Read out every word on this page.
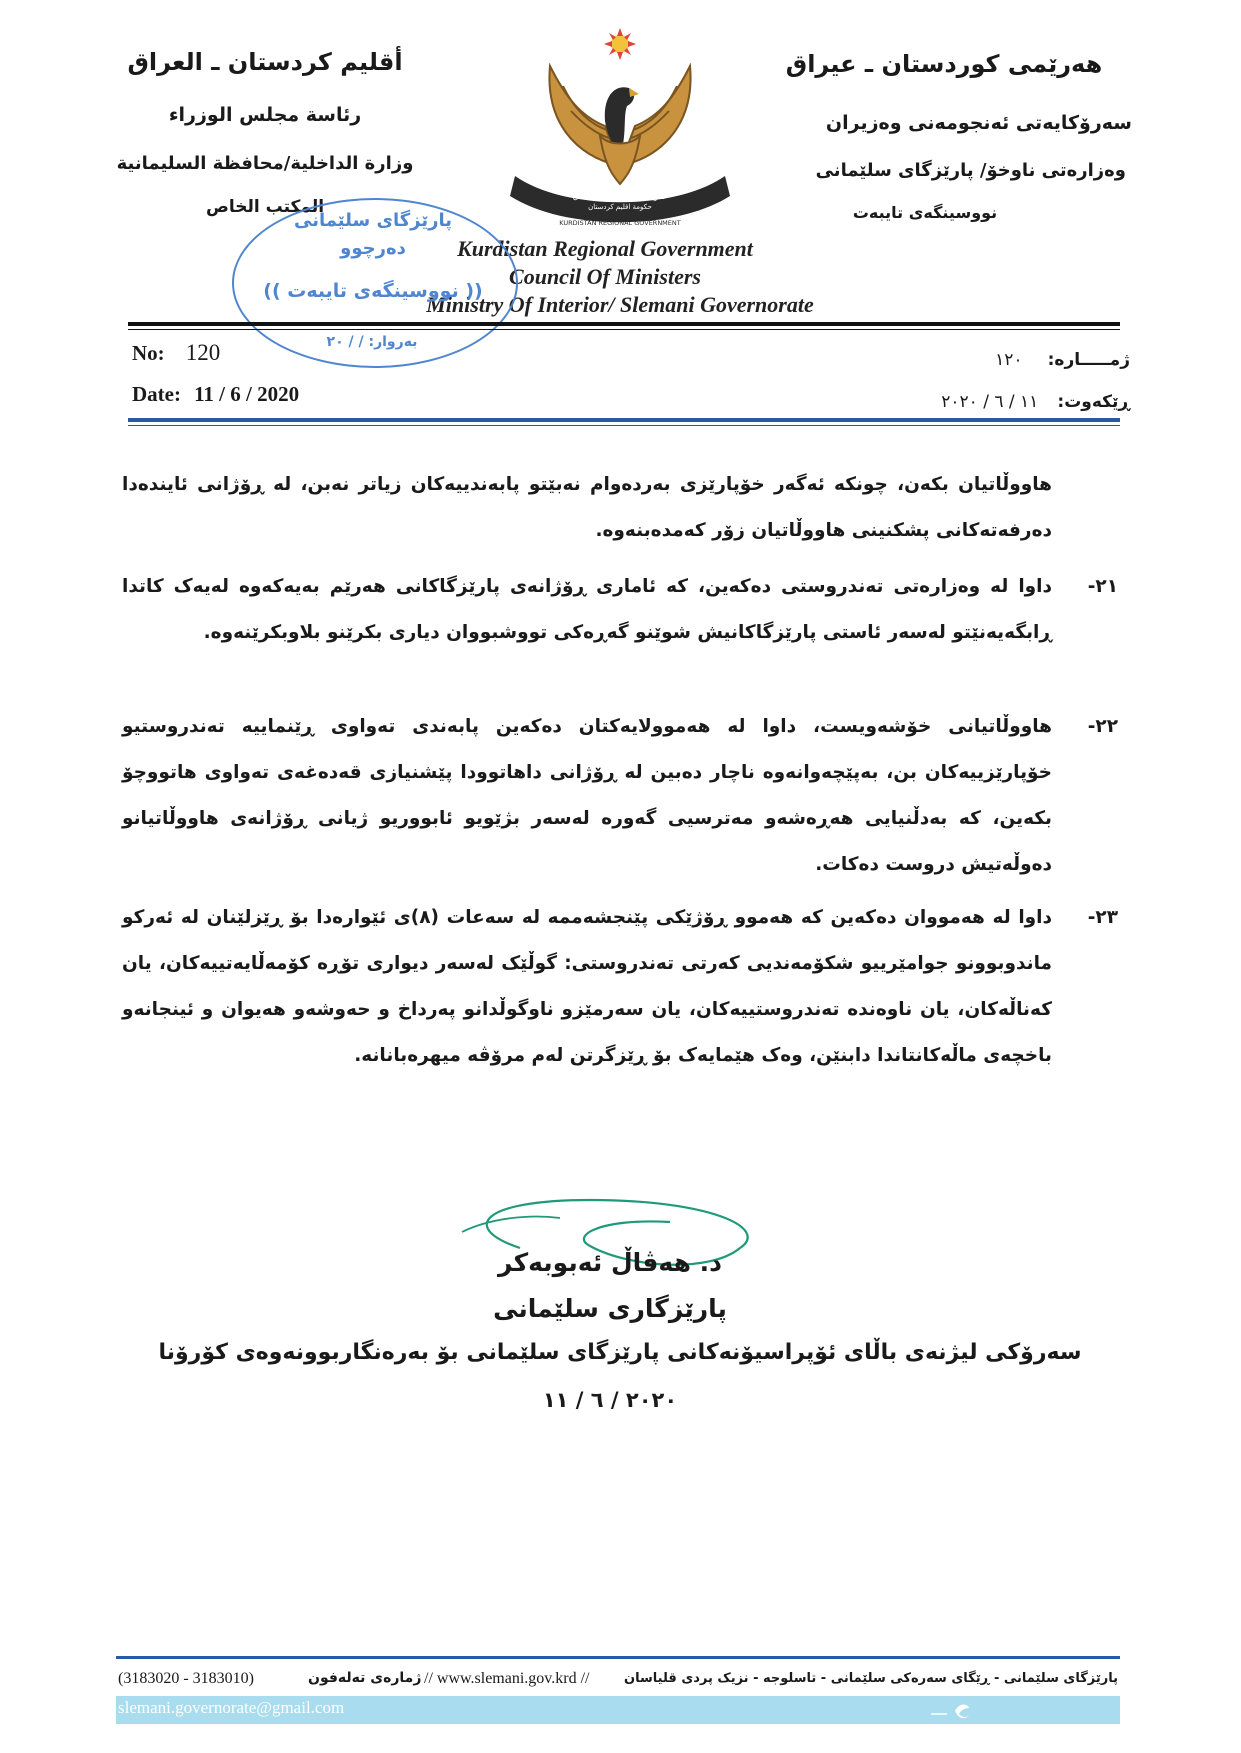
أقليم كردستان ـ العراق
رئاسة مجلس الوزراء
وزارة الداخلية/محافظة السليمانية
المكتب الخاص
هەرێمی کوردستان ـ عیراق
سەرۆکایەتی ئەنجومەنی وەزیران
وەزارەتی ناوخۆ/ پارێزگای سلێمانی
نووسینگەی تایبەت
حکومەتی هەرێمی کوردستان
حكومة اقليم كردستان
KURDISTAN REGIONAL GOVERNMENT
Kurdistan Regional Government
Council Of Ministers
Ministry Of Interior/ Slemani Governorate
پارێزگای سلێمانی
دەرچوو
(( نووسینگەی تایبەت ))
بەروار: / / ٢٠
No: 120
Date: 11 / 6 / 2020
ژمـــــارە: ١٢٠
ڕێکەوت: ١١ / ٦ / ٢٠٢٠
هاووڵاتیان بکەن، چونکە ئەگەر خۆپارێزی بەردەوام نەبێتو پابەندییەکان زیاتر نەبن، لە ڕۆژانی ئایندەدا دەرفەتەکانی پشکنینی هاووڵاتیان زۆر کەمدەبنەوە.
٢١-
داوا لە وەزارەتی تەندروستی دەکەین، کە ئاماری ڕۆژانەی پارێزگاکانی هەرێم بەیەکەوە لەیەک کاتدا ڕابگەیەنێتو لەسەر ئاستی پارێزگاکانیش شوێنو گەڕەکی تووشبووان دیاری بکرێنو بلاوبکرێنەوە.
٢٢-
هاووڵاتیانی خۆشەویست، داوا لە هەموولایەکتان دەکەین پابەندی تەواوی ڕێنماییە تەندروستیو خۆپارێزییەکان بن، بەپێچەوانەوە ناچار دەبین لە ڕۆژانی داهاتوودا پێشنیازی قەدەغەی تەواوی هاتووچۆ بکەین، کە بەدڵنیایی هەڕەشەو مەترسیی گەورە لەسەر بژێویو ئابووریو ژیانی ڕۆژانەی هاووڵاتیانو دەوڵەتیش دروست دەکات.
٢٣-
داوا لە هەمووان دەکەین کە هەموو ڕۆژێکی پێنجشەممە لە سەعات (٨)ی ئێوارەدا بۆ ڕێزلێنان لە ئەرکو ماندوبوونو جوامێرییو شکۆمەندیی کەرتی تەندروستی: گوڵێک لەسەر دیواری تۆڕە کۆمەڵایەتییەکان، یان کەناڵەکان، یان ناوەندە تەندروستییەکان، یان سەرمێزو ناوگوڵدانو پەرداخ و حەوشەو هەیوان و ئینجانەو باخچەی ماڵەکانتاندا دابنێن، وەک هێمایەک بۆ ڕێزگرتن لەم مرۆڤە میهرەبانانە.
د. هەڤاڵ ئەبوبەکر
پارێزگاری سلێمانی
سەرۆکی لیژنەی باڵای ئۆپراسیۆنەکانی پارێزگای سلێمانی بۆ بەرەنگاربوونەوەی کۆرۆنا
٢٠٢٠ / ٦ / ١١
(3183020 - 3183010)	ژمارەی تەلەفون // www.slemani.gov.krd //	پارێزگای سلێمانی - ڕێگای سەرەکی سلێمانی - تاسلوجە - نزیک پردی قلیاسان
slemani.governorate@gmail.com
